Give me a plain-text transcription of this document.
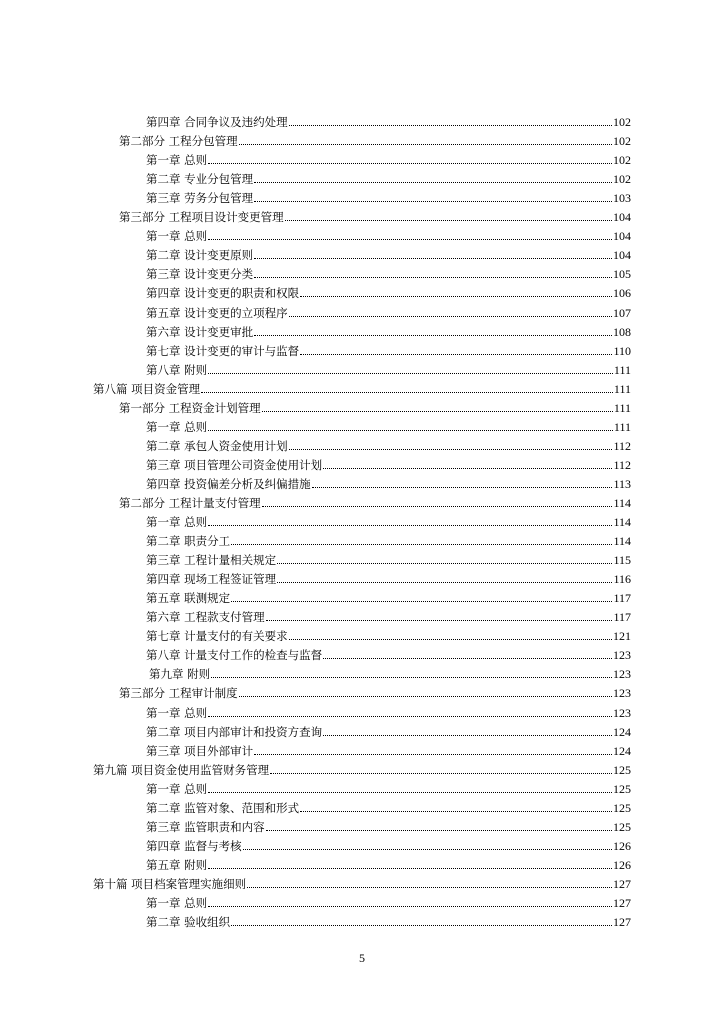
第四章 合同争议及违约处理	102
第二部分 工程分包管理	102
第一章 总则	102
第二章 专业分包管理	102
第三章 劳务分包管理	103
第三部分 工程项目设计变更管理	104
第一章 总则	104
第二章 设计变更原则	104
第三章 设计变更分类	105
第四章 设计变更的职责和权限	106
第五章 设计变更的立项程序	107
第六章 设计变更审批	108
第七章 设计变更的审计与监督	110
第八章 附则	111
第八篇 项目资金管理	111
第一部分 工程资金计划管理	111
第一章 总则	111
第二章 承包人资金使用计划	112
第三章 项目管理公司资金使用计划	112
第四章 投资偏差分析及纠偏措施	113
第二部分 工程计量支付管理	114
第一章 总则	114
第二章 职责分工	114
第三章 工程计量相关规定	115
第四章 现场工程签证管理	116
第五章 联测规定	117
第六章 工程款支付管理	117
第七章 计量支付的有关要求	121
第八章 计量支付工作的检查与监督	123
第九章 附则	123
第三部分 工程审计制度	123
第一章 总则	123
第二章 项目内部审计和投资方查询	124
第三章 项目外部审计	124
第九篇 项目资金使用监管财务管理	125
第一章 总则	125
第二章 监管对象、范围和形式	125
第三章 监管职责和内容	125
第四章 监督与考核	126
第五章 附则	126
第十篇 项目档案管理实施细则	127
第一章 总则	127
第二章 验收组织	127
5
